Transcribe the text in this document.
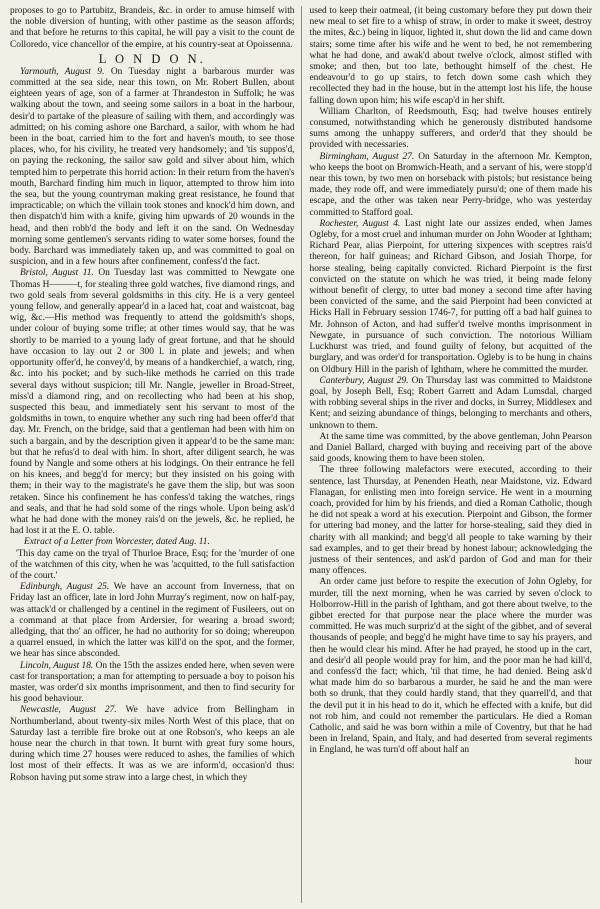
proposes to go to Partubitz, Brandeis, &c. in order to amuse himself with the noble diversion of hunting, with other pastime as the season affords; and that before he returns to this capital, he will pay a visit to the count de Colloredo, vice chancellor of the empire, at his country-seat at Opoissenna.

L O N D O N.

Yarmouth, August 9. On Tuesday night a barbarous murder was committed at the sea side, near this town, on Mr. Robert Bullen, about eighteen years of age, son of a farmer at Thrandeston in Suffolk; he was walking about the town, and seeing some sailors in a boat in the harbour, desir'd to partake of the pleasure of sailing with them, and accordingly was admitted; on his coming ashore one Barchard, a sailor, with whom he had been in the boat, carried him to the fort and haven's mouth, to see those places, who, for his civility, he treated very handsomely; and 'tis suppos'd, on paying the reckoning, the sailor saw gold and silver about him, which tempted him to perpetrate this horrid action: In their return from the haven's mouth, Barchard finding him much in liquor, attempted to throw him into the sea, but the young countryman making great resistance, he found that impracticable; on which the villain took stones and knock'd him down, and then dispatch'd him with a knife, giving him upwards of 20 wounds in the head, and then robb'd the body and left it on the sand. On Wednesday morning some gentlemen's servants riding to water some horses, found the body. Barchard was immediately taken up, and was committed to goal on suspicion, and in a few hours after confinement, confess'd the fact.

Bristol, August 11. On Tuesday last was committed to Newgate one Thomas H———t, for stealing three gold watches, five diamond rings, and two gold seals from several goldsmiths in this city. He is a very genteel young fellow, and generally appear'd in a laced hat, coat and waistcoat, bag wig, &c.—His method was frequently to attend the goldsmith's shops, under colour of buying some trifle; at other times would say, that he was shortly to be married to a young lady of great fortune, and that he should have occasion to lay out 2 or 300 l. in plate and jewels; and when opportunity offer'd, he convey'd, by means of a handkerchief, a watch, ring, &c. into his pocket; and by such-like methods he carried on this trade several days without suspicion; till Mr. Nangle, jeweller in Broad-Street, miss'd a diamond ring, and on recollecting who had been at his shop, suspected this beau, and immediately sent his servant to most of the goldsmiths in town, to enquire whether any such ring had been offer'd that day. Mr. French, on the bridge, said that a gentleman had been with him on such a bargain, and by the description given it appear'd to be the same man: but that he refus'd to deal with him. In short, after diligent search, he was found by Nangle and some others at his lodgings. On their entrance he fell on his knees, and begg'd for mercy; but they insisted on his going with them; in their way to the magistrate's he gave them the slip, but was soon retaken. Since his confinement he has confess'd taking the watches, rings and seals, and that he had sold some of the rings whole. Upon being ask'd what he had done with the money rais'd on the jewels, &c. he replied, he had lost it at the E. O. table.

Extract of a Letter from Worcester, dated Aug. 11.

'This day came on the tryal of Thurloe Brace, Esq; for the 'murder of one of the watchmen of this city, when he was 'acquitted, to the full satisfaction of the court.'

Edinburgh, August 25. We have an account from Inverness, that on Friday last an officer, late in lord John Murray's regiment, now on half-pay, was attack'd or challenged by a centinel in the regiment of Fusileers, out on a command at that place from Ardersier, for wearing a broad sword; alledging, that tho' an officer, he had no authority for so doing; whereupon a quarrel ensued, in which the latter was kill'd on the spot, and the former, we hear has since absconded.

Lincoln, August 18. On the 15th the assizes ended here, when seven were cast for transportation; a man for attempting to persuade a boy to poison his master, was order'd six months imprisonment, and then to find security for his good behaviour.

Newcastle, August 27. We have advice from Bellingham in Northumberland, about twenty-six miles North West of this place, that on Saturday last a terrible fire broke out at one Robson's, who keeps an ale house near the church in that town. It burnt with great fury some hours, during which time 27 houses were reduced to ashes, the families of which lost most of their effects. It was as we are inform'd, occasion'd thus: Robson having put some straw into a large chest, in which they

used to keep their oatmeal, (it being customary before they put down their new meal to set fire to a whisp of straw, in order to make it sweet, destroy the mites, &c.) being in liquor, lighted it, shut down the lid and came down stairs; some time after his wife and he went to bed, he not remembering what he had done, and awak'd about twelve o'clock, almost stifled with smoke; and then, but too late, bethought himself of the chest. He endeavour'd to go up stairs, to fetch down some cash which they recollected they had in the house, but in the attempt lost his life, the house falling down upon him; his wife escap'd in her shift.

William Charlton, of Reedsmouth, Esq; had twelve houses entirely consumed, notwithstanding which he generously distributed handsome sums among the unhappy sufferers, and order'd that they should be provided with necessaries.

Birmingham, August 27. On Saturday in the afternoon Mr. Kempton, who keeps the boot on Bromwich-Heath, and a servant of his, were stopp'd near this town, by two men on horseback with pistols; but resistance being made, they rode off, and were immediately pursu'd; one of them made his escape, and the other was taken near Perry-bridge, who was yesterday committed to Stafford goal.

Rochester, August 4. Last night late our assizes ended, when James Ogleby, for a most cruel and inhuman murder on John Wooder at Ightham; Richard Pear, alias Pierpoint, for uttering sixpences with sceptres rais'd thereon, for half guineas; and Richard Gibson, and Josiah Thorpe, for horse stealing, being capitally convicted. Richard Pierpoint is the first convicted on the statute on which he was tried, it being made felony without benefit of clergy, to utter bad money a second time after having been convicted of the same, and the said Pierpoint had been convicted at Hicks Hall in February session 1746-7, for putting off a bad half guinea to Mr. Johnson of Acton, and had suffer'd twelve months imprisonment in Newgate, in pursuance of such conviction. The notorious William Luckhurst was tried, and found guilty of felony, but acquitted of the burglary, and was order'd for transportation. Ogleby is to be hung in chains on Oldbury Hill in the parish of Ightham, where he committed the murder.

Canterbury, August 29. On Thursday last was committed to Maidstone goal, by Joseph Bell, Esq; Robert Garrett and Adam Lumsdal, charged with robbing several ships in the river and docks, in Surrey, Middlesex and Kent; and seizing abundance of things, belonging to merchants and others, unknown to them.

At the same time was committed, by the above gentleman, John Pearson and Daniel Ballard, charged with buying and receiving part of the above said goods, knowing them to have been stolen.

The three following malefactors were executed, according to their sentence, last Thursday, at Penenden Heath, near Maidstone, viz. Edward Flanagan, for enlisting men into foreign service. He went in a mourning coach, provided for him by his friends, and died a Roman Catholic, though he did not speak a word at his execution. Pierpoint and Gibson, the former for uttering bad money, and the latter for horse-stealing, said they died in charity with all mankind; and begg'd all people to take warning by their sad examples, and to get their bread by honest labour; acknowledging the justness of their sentences, and ask'd pardon of God and man for their many offences.

An order came just before to respite the execution of John Ogleby, for murder, till the next morning, when he was carried by seven o'clock to Holborrow-Hill in the parish of Ightham, and got there about twelve, to the gibbet erected for that purpose near the place where the murder was committed. He was much surpriz'd at the sight of the gibbet, and of several thousands of people, and begg'd he might have time to say his prayers, and then he would clear his mind. After he had prayed, he stood up in the cart, and desir'd all people would pray for him, and the poor man he had kill'd, and confess'd the fact; which, 'til that time, he had denied. Being ask'd what made him do so barbarous a murder, he said he and the man were both so drunk, that they could hardly stand, that they quarrell'd, and that the devil put it in his head to do it, which he effected with a knife, but did not rob him, and could not remember the particulars. He died a Roman Catholic, and said he was born within a mile of Coventry, but that he had been in Ireland, Spain, and Italy, and had deserted from several regiments in England, he was turn'd off about half an

hour
